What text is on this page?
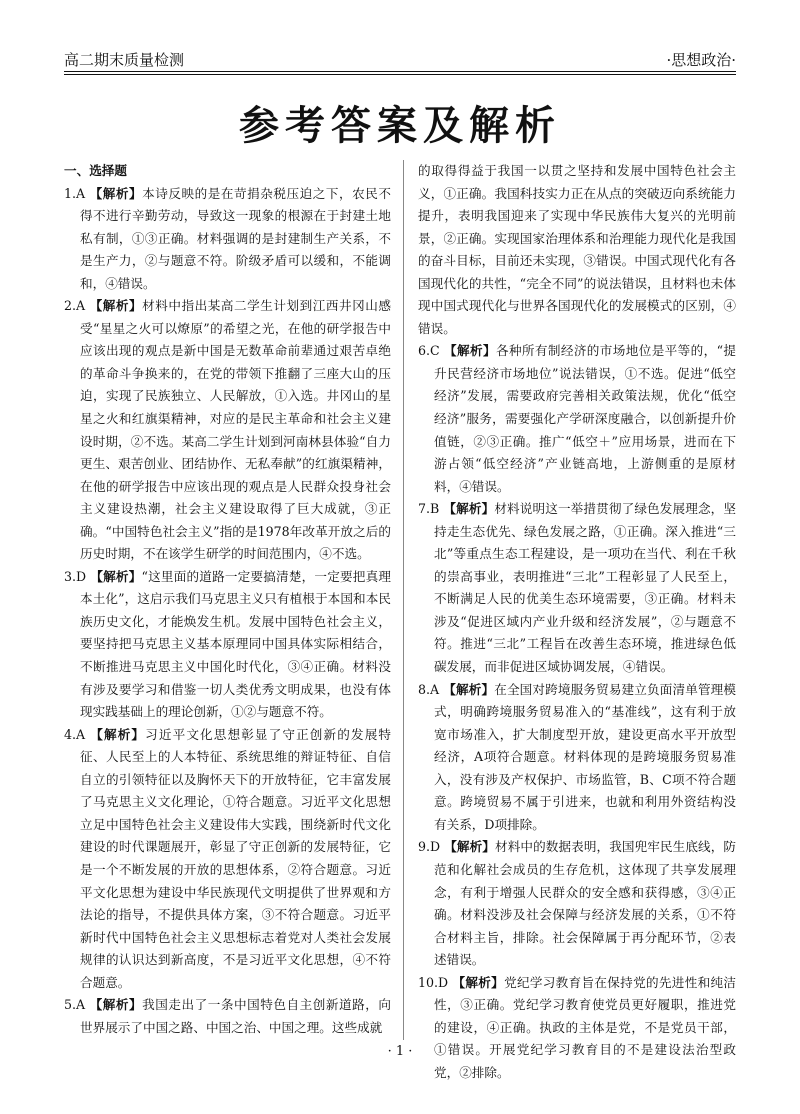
高二期末质量检测	·思想政治·
参考答案及解析
一、选择题

1.A 【解析】本诗反映的是在苛捐杂税压迫之下，农民不得不进行辛勤劳动，导致这一现象的根源在于封建土地私有制，①③正确。材料强调的是封建制生产关系，不是生产力，②与题意不符。阶级矛盾可以缓和，不能调和，④错误。

2.A 【解析】材料中指出某高二学生计划到江西井冈山感受“星星之火可以燎原”的希望之光，在他的研学报告中应该出现的观点是新中国是无数革命前辈通过艰苦卓绝的革命斗争换来的，在党的带领下推翻了三座大山的压迫，实现了民族独立、人民解放，①入选。井冈山的星星之火和红旗渠精神，对应的是民主革命和社会主义建设时期，②不选。某高二学生计划到河南林县体验“自力更生、艰苦创业、团结协作、无私奉献”的红旗渠精神，在他的研学报告中应该出现的观点是人民群众投身社会主义建设热潮，社会主义建设取得了巨大成就，③正确。“中国特色社会主义”指的是1978年改革开放之后的历史时期，不在该学生研学的时间范围内，④不选。

3.D 【解析】“这里面的道路一定要搞清楚，一定要把真理本土化”，这启示我们马克思主义只有植根于本国和本民族历史文化，才能焕发生机。发展中国特色社会主义，要坚持把马克思主义基本原理同中国具体实际相结合，不断推进马克思主义中国化时代化，③④正确。材料没有涉及要学习和借鉴一切人类优秀文明成果，也没有体现实践基础上的理论创新，①②与题意不符。

4.A 【解析】习近平文化思想彰显了守正创新的发展特征、人民至上的人本特征、系统思维的辩证特征、自信自立的引领特征以及胸怀天下的开放特征，它丰富发展了马克思主义文化理论，①符合题意。习近平文化思想立足中国特色社会主义建设伟大实践，围绕新时代文化建设的时代课题展开，彰显了守正创新的发展特征，它是一个不断发展的开放的思想体系，②符合题意。习近平文化思想为建设中华民族现代文明提供了世界观和方法论的指导，不提供具体方案，③不符合题意。习近平新时代中国特色社会主义思想标志着党对人类社会发展规律的认识达到新高度，不是习近平文化思想，④不符合题意。

5.A 【解析】我国走出了一条中国特色自主创新道路，向世界展示了中国之路、中国之治、中国之理。这些成就

的取得得益于我国一以贯之坚持和发展中国特色社会主义，①正确。我国科技实力正在从点的突破迈向系统能力提升，表明我国迎来了实现中华民族伟大复兴的光明前景，②正确。实现国家治理体系和治理能力现代化是我国的奋斗目标，目前还未实现，③错误。中国式现代化有各国现代化的共性，“完全不同”的说法错误，且材料也未体现中国式现代化与世界各国现代化的发展模式的区别，④错误。

6.C 【解析】各种所有制经济的市场地位是平等的，“提升民营经济市场地位”说法错误，①不选。促进“低空经济”发展，需要政府完善相关政策法规，优化“低空经济”服务，需要强化产学研深度融合，以创新提升价值链，②③正确。推广“低空＋”应用场景，进而在下游占领“低空经济”产业链高地，上游侧重的是原材料，④错误。

7.B 【解析】材料说明这一举措贯彻了绿色发展理念，坚持走生态优先、绿色发展之路，①正确。深入推进“三北”等重点生态工程建设，是一项功在当代、利在千秋的崇高事业，表明推进“三北”工程彰显了人民至上，不断满足人民的优美生态环境需要，③正确。材料未涉及“促进区域内产业升级和经济发展”，②与题意不符。推进“三北”工程旨在改善生态环境，推进绿色低碳发展，而非促进区域协调发展，④错误。

8.A 【解析】在全国对跨境服务贸易建立负面清单管理模式，明确跨境服务贸易准入的“基准线”，这有利于放宽市场准入，扩大制度型开放，建设更高水平开放型经济，A项符合题意。材料体现的是跨境服务贸易准入，没有涉及产权保护、市场监管，B、C项不符合题意。跨境贸易不属于引进来，也就和利用外资结构没有关系，D项排除。

9.D 【解析】材料中的数据表明，我国兜牢民生底线，防范和化解社会成员的生存危机，这体现了共享发展理念，有利于增强人民群众的安全感和获得感，③④正确。材料没涉及社会保障与经济发展的关系，①不符合材料主旨，排除。社会保障属于再分配环节，②表述错误。

10.D 【解析】党纪学习教育旨在保持党的先进性和纯洁性，③正确。党纪学习教育使党员更好履职，推进党的建设，④正确。执政的主体是党，不是党员干部，①错误。开展党纪学习教育目的不是建设法治型政党，②排除。

· 1 ·
